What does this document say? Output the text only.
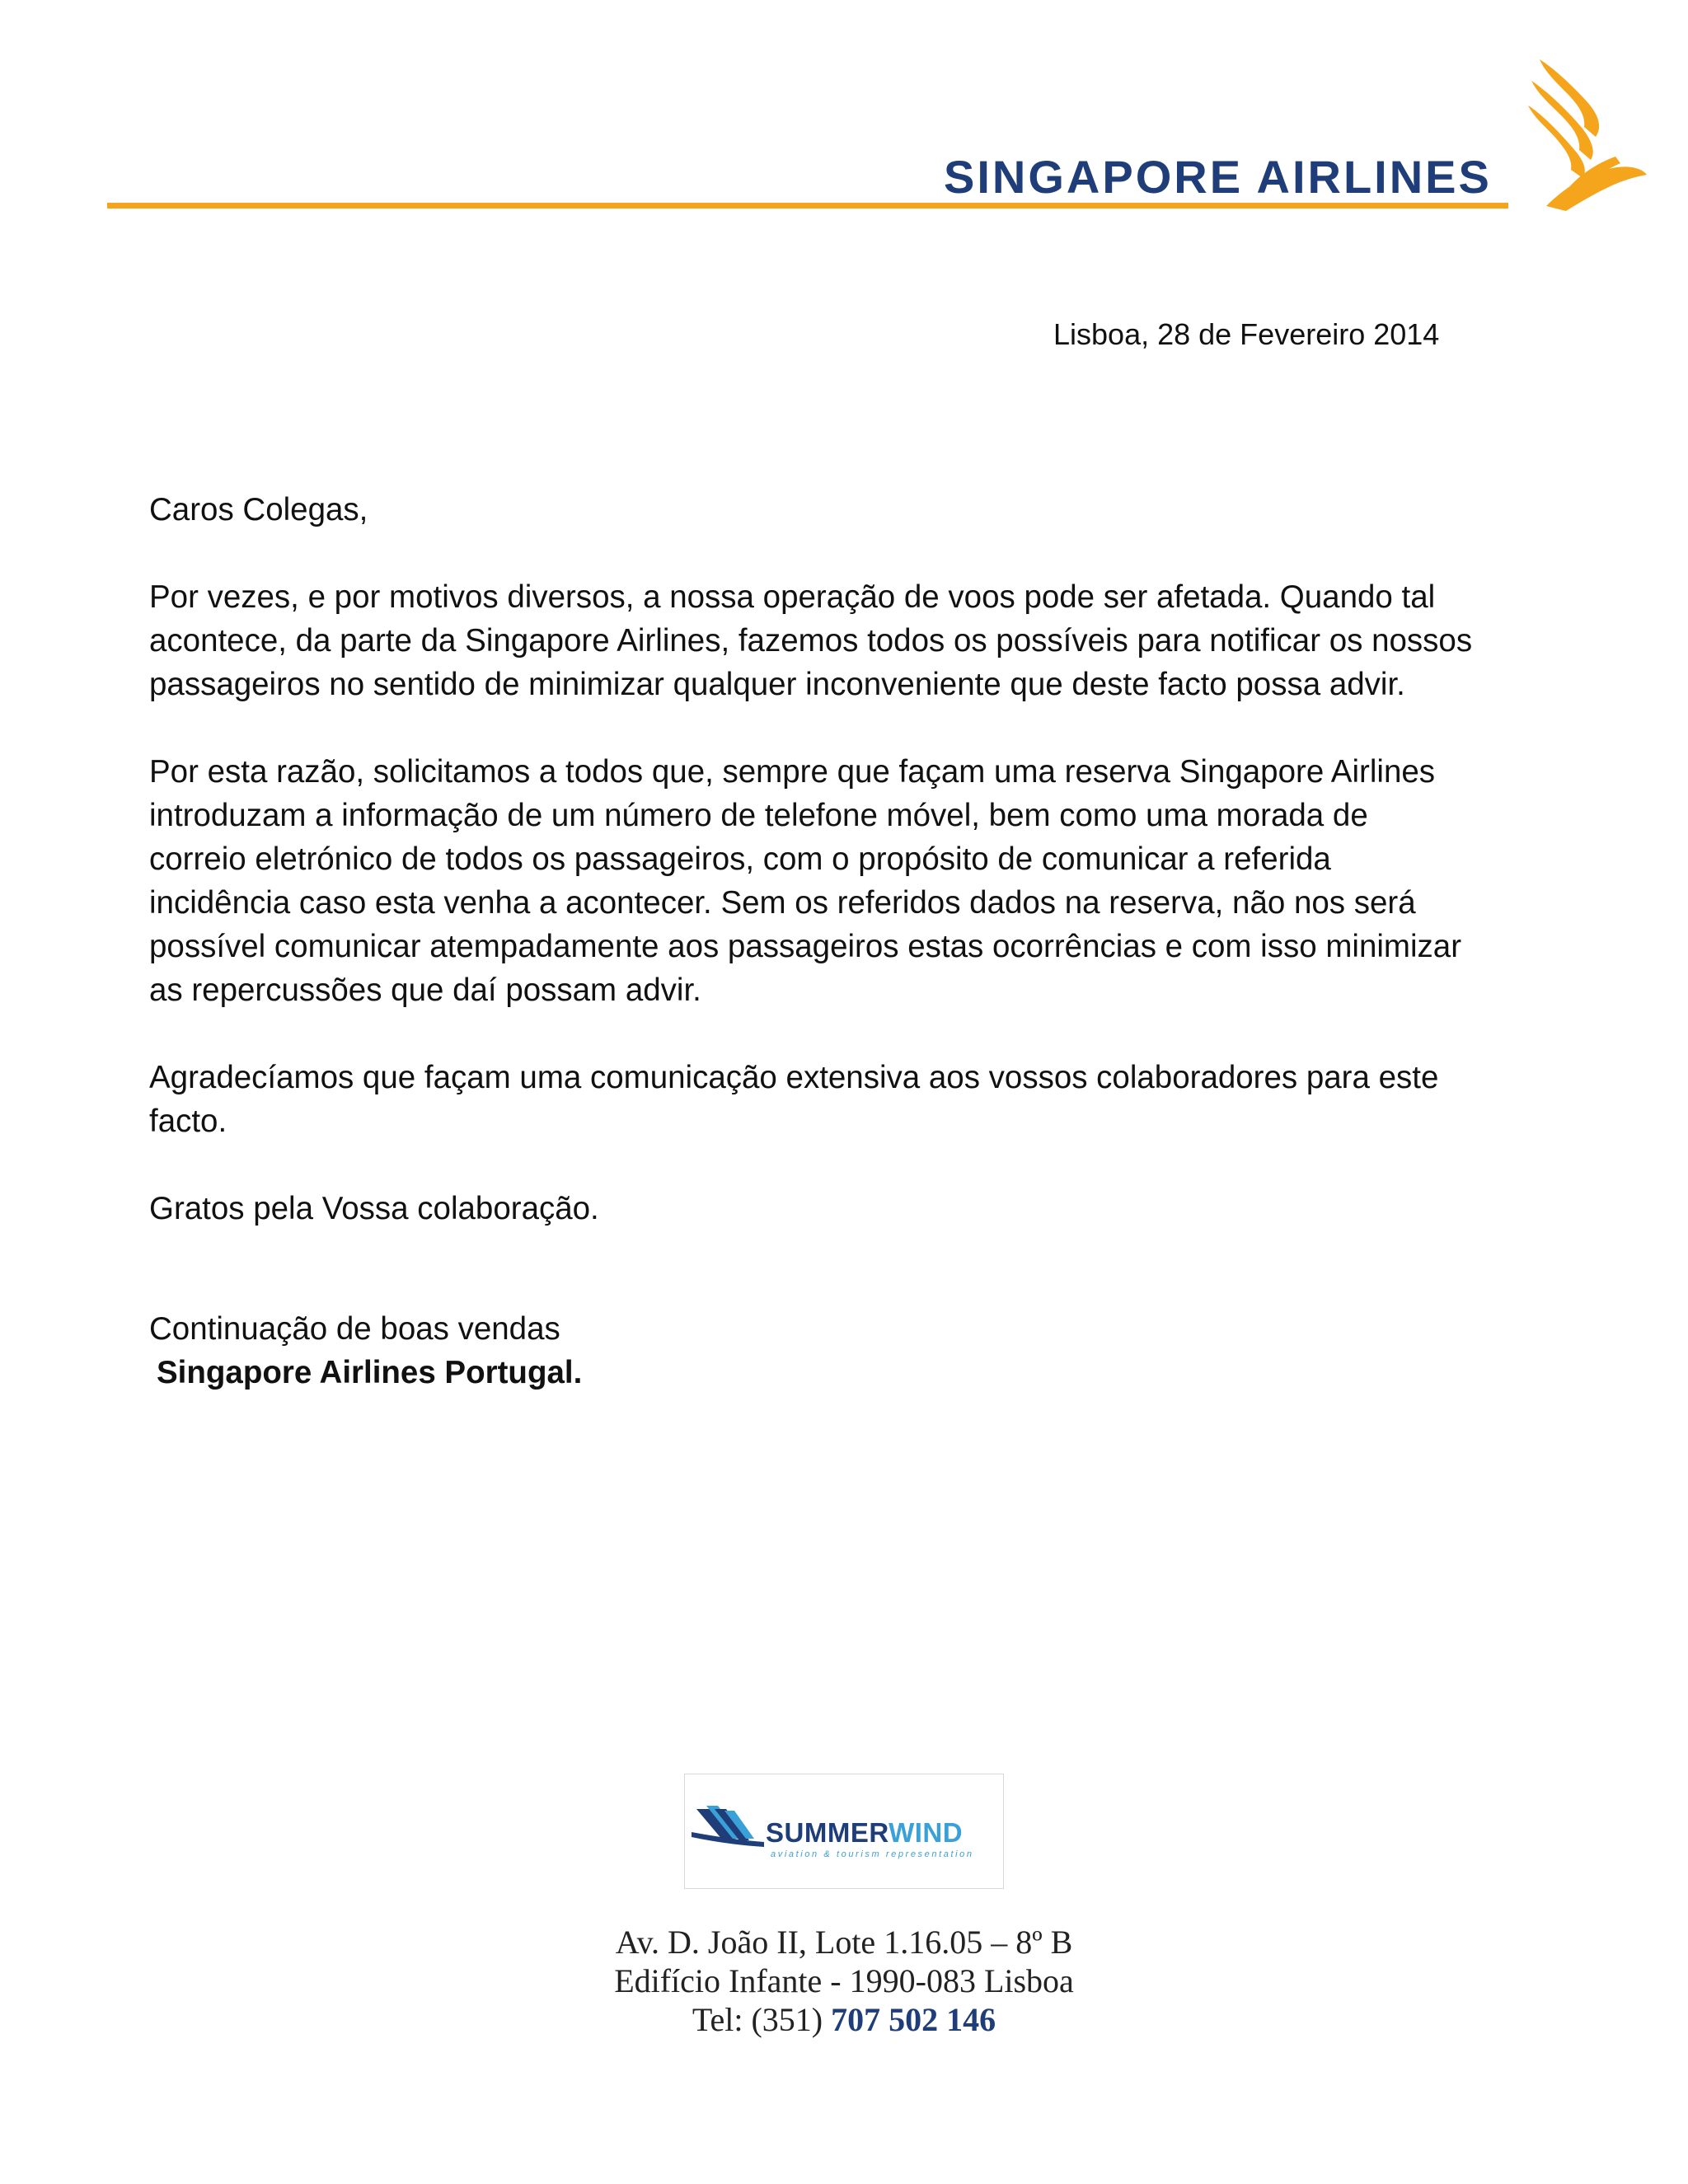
SINGAPORE AIRLINES
Lisboa, 28 de Fevereiro 2014

Caros Colegas,

Por vezes, e por motivos diversos, a nossa operação de voos pode ser afetada. Quando tal
acontece, da parte da Singapore Airlines, fazemos todos os possíveis para notificar os nossos
passageiros no sentido de minimizar qualquer inconveniente que deste facto possa advir.

Por esta razão, solicitamos a todos que, sempre que façam uma reserva Singapore Airlines
introduzam a informação de um número de telefone móvel, bem como uma morada de
correio eletrónico de todos os passageiros, com o propósito de comunicar a referida
incidência caso esta venha a acontecer. Sem os referidos dados na reserva, não nos será
possível comunicar atempadamente aos passageiros estas ocorrências e com isso minimizar
as repercussões que daí possam advir.

Agradecíamos que façam uma comunicação extensiva aos vossos colaboradores para este
facto.

Gratos pela Vossa colaboração.

Continuação de boas vendas

Singapore Airlines Portugal.

SUMMERWIND
aviation & tourism representation
Av. D. João II, Lote 1.16.05 – 8º B
Edifício Infante - 1990-083 Lisboa
Tel: (351) 707 502 146
